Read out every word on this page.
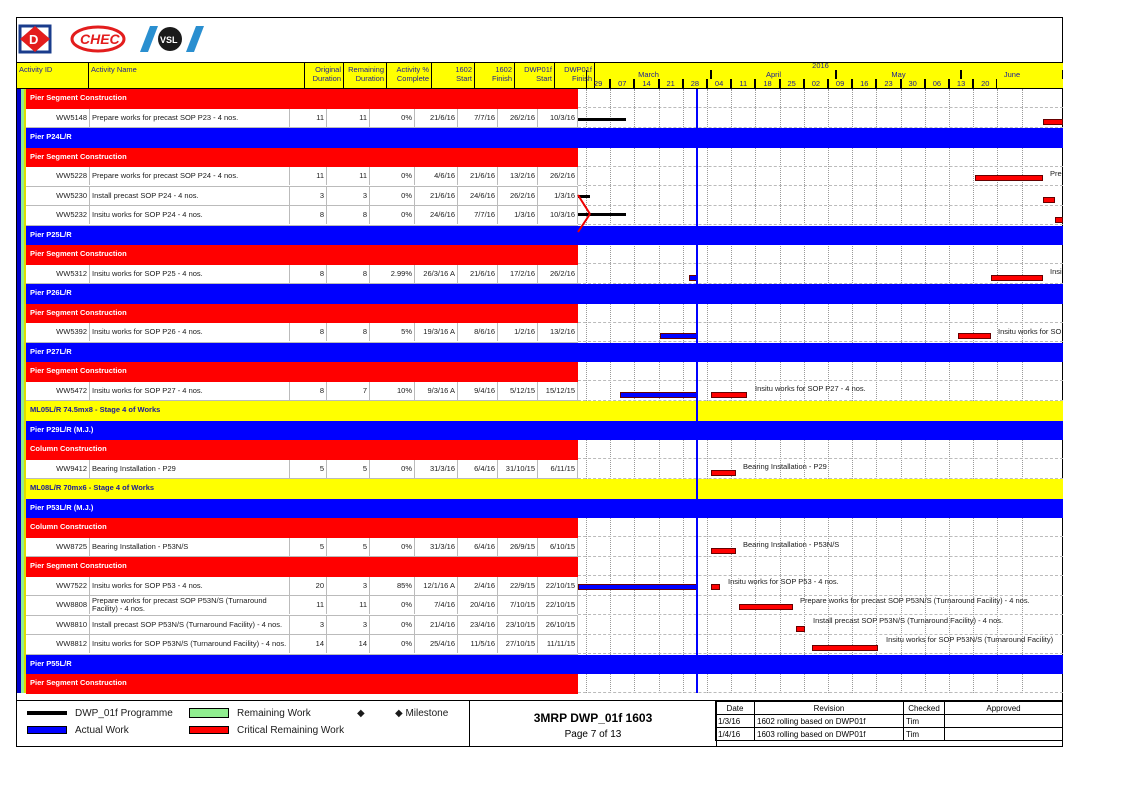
D	CHEC	VSL
Activity ID	Activity Name	Original
Duration
Remaining
Duration
Activity %
Complete
1602
Start
1602
Finish
DWP01f
Start
DWP01f
Finish
2016
March	April	May	June
29	07	14	21	28	04	11	18	25	02	09	16	23	30	06	13	20
Pier Segment Construction
WW5148 Prepare works for precast SOP P23 - 4 nos.	11	11	0%	21/6/16	7/7/16	26/2/16	10/3/16
Pier P24L/R
Pier Segment Construction
WW5228 Prepare works for precast SOP P24 - 4 nos.	11	11	0%	4/6/16	21/6/16	13/2/16	26/2/16
WW5230 Install precast SOP P24 - 4 nos.	3	3	0%	21/6/16	24/6/16	26/2/16	1/3/16
WW5232 Insitu works for SOP P24 - 4 nos.	8	8	0%	24/6/16	7/7/16	1/3/16	10/3/16
Pier P25L/R
Pier Segment Construction
WW5312 Insitu works for SOP P25 - 4 nos.	8	8	2.99%	26/3/16 A	21/6/16	17/2/16	26/2/16
Pier P26L/R
Pier Segment Construction
WW5392 Insitu works for SOP P26 - 4 nos.	8	8	5%	19/3/16 A	8/6/16	1/2/16	13/2/16
Pier P27L/R
Pier Segment Construction
WW5472 Insitu works for SOP P27 - 4 nos.	8	7	10%	9/3/16 A	9/4/16	5/12/15	15/12/15
ML05L/R 74.5mx8 - Stage 4 of Works
Pier P29L/R (M.J.)
Column Construction
WW9412 Bearing Installation - P29	5	5	0%	31/3/16	6/4/16	31/10/15	6/11/15
ML08L/R 70mx6 - Stage 4 of Works
Pier P53L/R (M.J.)
Column Construction
WW8725 Bearing Installation - P53N/S	5	5	0%	31/3/16	6/4/16	26/9/15	6/10/15
Pier Segment Construction
WW7522 Insitu works for SOP P53 - 4 nos.	20	3	85%	12/1/16 A	2/4/16	22/9/15	22/10/15
WW8808 Prepare works for precast SOP P53N/S (Turnaround Facility) - 4 nos.	11	11	0%	7/4/16	20/4/16	7/10/15	22/10/15
WW8810 Install precast SOP P53N/S (Turnaround Facility) - 4 nos.	3	3	0%	21/4/16	23/4/16	23/10/15	26/10/15
WW8812 Insitu works for SOP P53N/S (Turnaround Facility) - 4 nos.	14	14	0%	25/4/16	11/5/16	27/10/15	11/11/15
Pier P55L/R
Pier Segment Construction
Pre
Insi
Insitu works for SO
Insitu works for SOP P27 - 4 nos.
Bearing Installation - P29
Bearing Installation - P53N/S
Insitu works for SOP P53 - 4 nos.
Prepare works for precast SOP P53N/S (Turnaround Facility) - 4 nos.
Install precast SOP P53N/S (Turnaround Facility) - 4 nos.
Insitu works for SOP P53N/S (Turnaround Facility)
DWP_01f Programme	Remaining Work	◆	◆ Milestone
Actual Work	Critical Remaining Work
3MRP DWP_01f 1603
Page 7 of 13
Date	Revision	Checked	Approved
1/3/16	1602 rolling based on DWP01f	Tim	
1/4/16	1603 rolling based on DWP01f	Tim	
